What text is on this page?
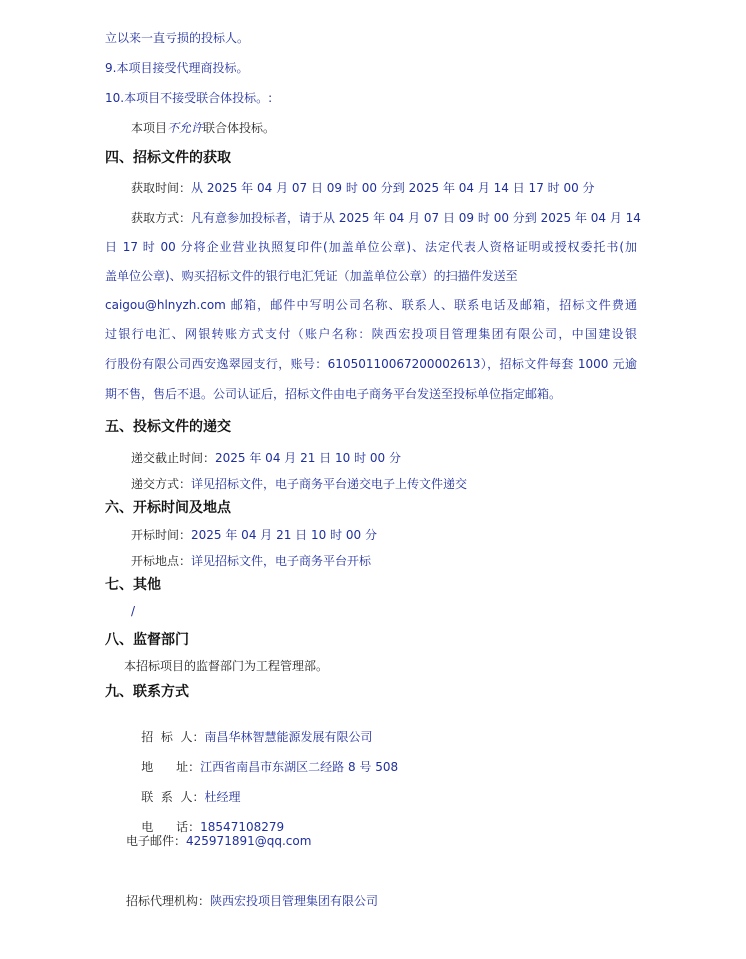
立以来一直亏损的投标人。
9.本项目接受代理商投标。
10.本项目不接受联合体投标。:
本项目不允许联合体投标。
四、招标文件的获取
获取时间：从 2025 年 04 月 07 日 09 时 00 分到 2025 年 04 月 14 日 17 时 00 分
获取方式：凡有意参加投标者，请于从 2025 年 04 月 07 日 09 时 00 分到 2025 年 04 月 14
日 17 时 00 分将企业营业执照复印件(加盖单位公章)、法定代表人资格证明或授权委托书(加
盖单位公章)、购买招标文件的银行电汇凭证（加盖单位公章）的扫描件发送至
caigou@hlnyzh.com 邮箱，邮件中写明公司名称、联系人、联系电话及邮箱，招标文件费通
过银行电汇、网银转账方式支付（账户名称：陕西宏投项目管理集团有限公司，中国建设银
行股份有限公司西安逸翠园支行，账号：61050110067200002613），招标文件每套 1000 元逾
期不售，售后不退。公司认证后，招标文件由电子商务平台发送至投标单位指定邮箱。
五、投标文件的递交
递交截止时间：2025 年 04 月 21 日 10 时 00 分
递交方式：详见招标文件，电子商务平台递交电子上传文件递交
六、开标时间及地点
开标时间：2025 年 04 月 21 日 10 时 00 分
开标地点：详见招标文件，电子商务平台开标
七、其他
/
八、监督部门
本招标项目的监督部门为工程管理部。
九、联系方式

招  标  人：南昌华林智慧能源发展有限公司

地      址：江西省南昌市东湖区二经路 8 号 508

联  系  人：杜经理

电      话：18547108279

电子邮件：425971891@qq.com
招标代理机构：陕西宏投项目管理集团有限公司
